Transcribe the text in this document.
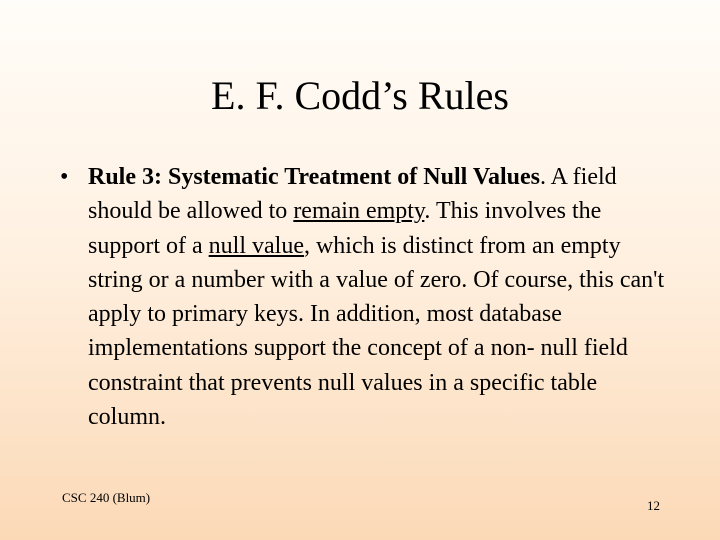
E. F. Codd’s Rules
• Rule 3: Systematic Treatment of Null Values. A field should be allowed to remain empty. This involves the support of a null value, which is distinct from an empty string or a number with a value of zero. Of course, this can't apply to primary keys. In addition, most database implementations support the concept of a non- null field constraint that prevents null values in a specific table column.

CSC 240 (Blum)
12
